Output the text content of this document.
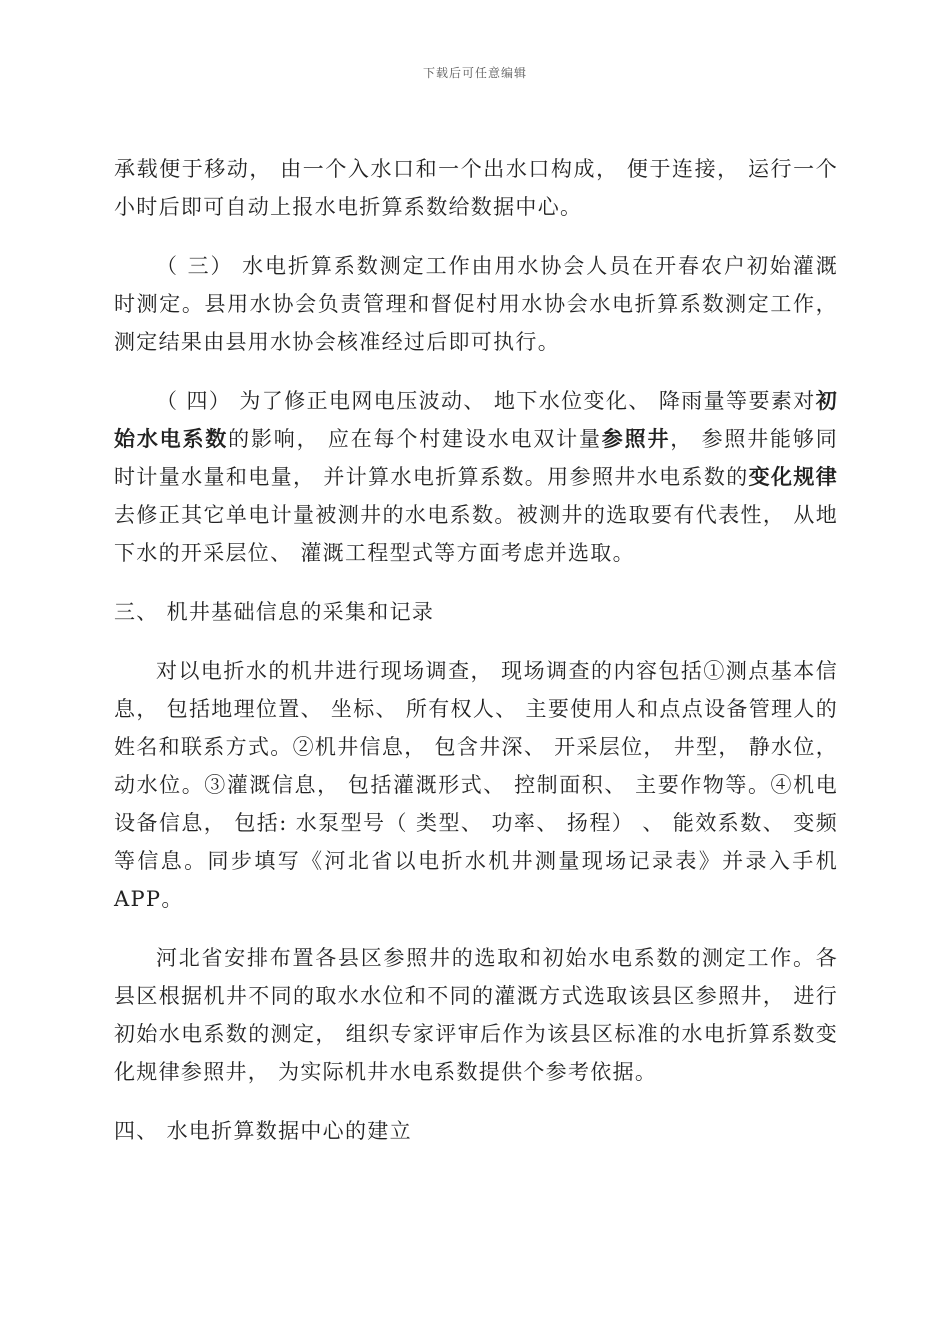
下载后可任意编辑

承载便于移动， 由一个入水口和一个出水口构成， 便于连接， 运行一个小时后即可自动上报水电折算系数给数据中心。

（ 三） 水电折算系数测定工作由用水协会人员在开春农户初始灌溉时测定。县用水协会负责管理和督促村用水协会水电折算系数测定工作， 测定结果由县用水协会核准经过后即可执行。

（ 四） 为了修正电网电压波动、 地下水位变化、 降雨量等要素对初始水电系数的影响， 应在每个村建设水电双计量参照井， 参照井能够同时计量水量和电量， 并计算水电折算系数。用参照井水电系数的变化规律去修正其它单电计量被测井的水电系数。被测井的选取要有代表性， 从地下水的开采层位、 灌溉工程型式等方面考虑并选取。

三、 机井基础信息的采集和记录

对以电折水的机井进行现场调查， 现场调查的内容包括①测点基本信息， 包括地理位置、 坐标、 所有权人、 主要使用人和点点设备管理人的姓名和联系方式。②机井信息， 包含井深、 开采层位， 井型， 静水位， 动水位。③灌溉信息， 包括灌溉形式、 控制面积、 主要作物等。④机电设备信息， 包括: 水泵型号（ 类型、 功率、 扬程） 、 能效系数、 变频等信息。同步填写《河北省以电折水机井测量现场记录表》并录入手机 APP。

河北省安排布置各县区参照井的选取和初始水电系数的测定工作。各县区根据机井不同的取水水位和不同的灌溉方式选取该县区参照井， 进行初始水电系数的测定， 组织专家评审后作为该县区标准的水电折算系数变化规律参照井， 为实际机井水电系数提供个参考依据。

四、 水电折算数据中心的建立
